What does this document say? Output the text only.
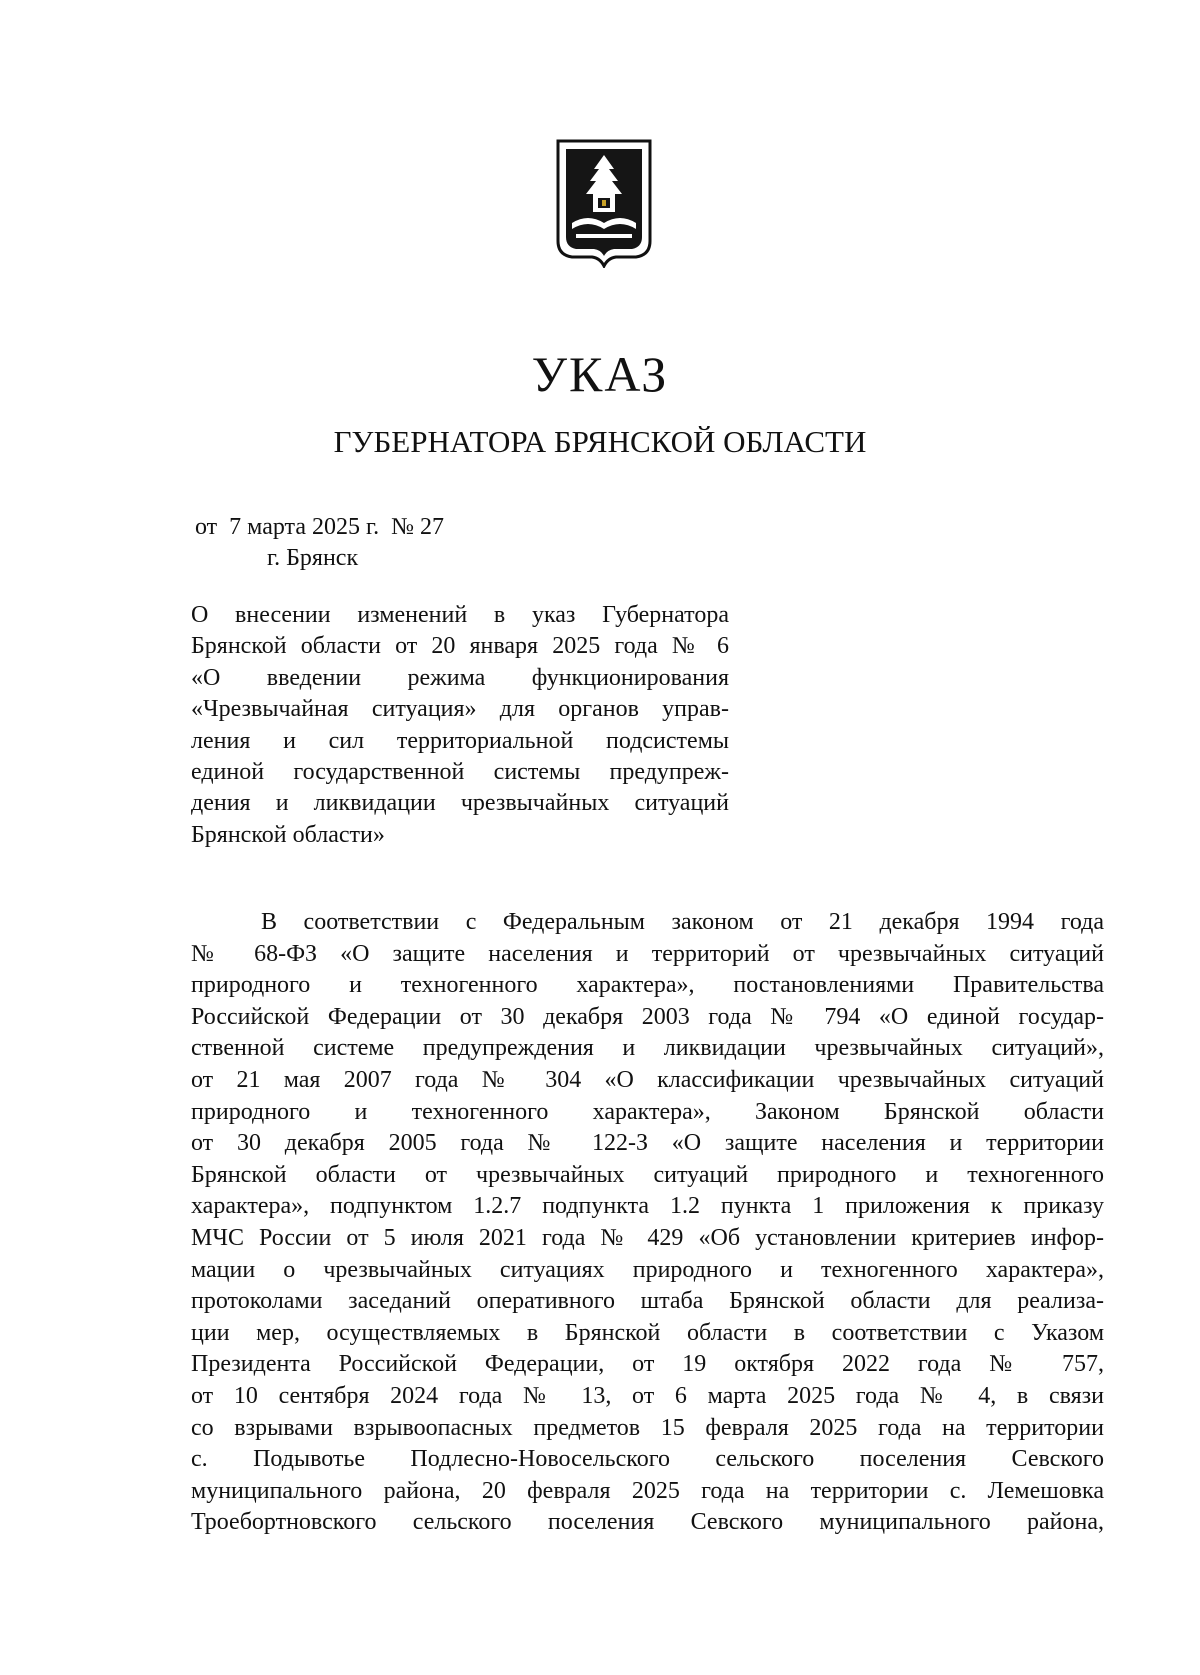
УКАЗ
ГУБЕРНАТОРА БРЯНСКОЙ ОБЛАСТИ
от  7 марта 2025 г.  № 27
г. Брянск
О внесении изменений в указ Губернатора
Брянской области от 20 января 2025 года № 6
«О введении режима функционирования
«Чрезвычайная ситуация» для органов управ-
ления и сил территориальной подсистемы
единой государственной системы предупреж-
дения и ликвидации чрезвычайных ситуаций
Брянской области»
В соответствии с Федеральным законом от 21 декабря 1994 года
№ 68-ФЗ «О защите населения и территорий от чрезвычайных ситуаций
природного и техногенного характера», постановлениями Правительства
Российской Федерации от 30 декабря 2003 года № 794 «О единой государ-
ственной системе предупреждения и ликвидации чрезвычайных ситуаций»,
от 21 мая 2007 года № 304 «О классификации чрезвычайных ситуаций
природного и техногенного характера», Законом Брянской области
от 30 декабря 2005 года № 122-З «О защите населения и территории
Брянской области от чрезвычайных ситуаций природного и техногенного
характера», подпунктом 1.2.7 подпункта 1.2 пункта 1 приложения к приказу
МЧС России от 5 июля 2021 года № 429 «Об установлении критериев инфор-
мации о чрезвычайных ситуациях природного и техногенного характера»,
протоколами заседаний оперативного штаба Брянской области для реализа-
ции мер, осуществляемых в Брянской области в соответствии с Указом
Президента Российской Федерации, от 19 октября 2022 года № 757,
от 10 сентября 2024 года № 13, от 6 марта 2025 года № 4, в связи
со взрывами взрывоопасных предметов 15 февраля 2025 года на территории
с. Подывотье Подлесно-Новосельского сельского поселения Севского
муниципального района, 20 февраля 2025 года на территории с. Лемешовка
Троебортновского сельского поселения Севского муниципального района,
